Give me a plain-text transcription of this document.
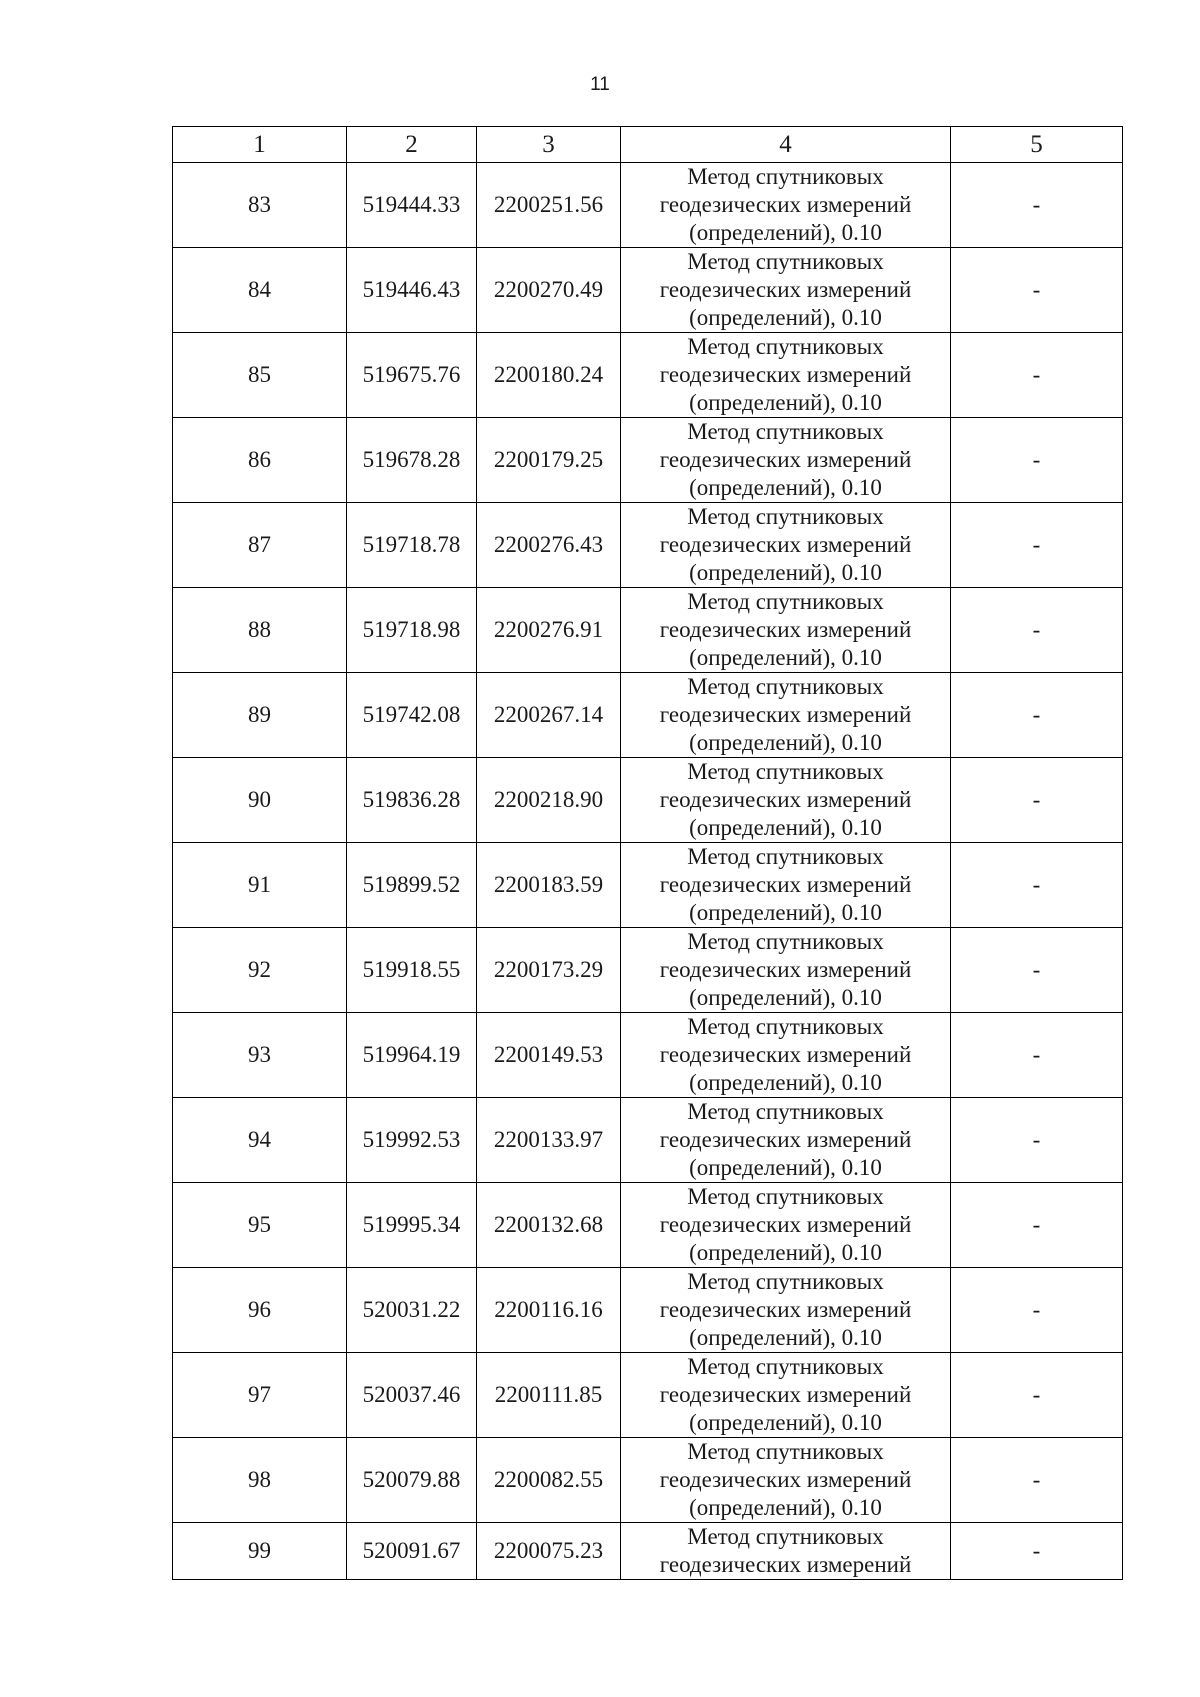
11
1	2	3	4	5
83	519444.33	2200251.56	Метод спутниковых
геодезических измерений
(определений), 0.10	-
84	519446.43	2200270.49	Метод спутниковых
геодезических измерений
(определений), 0.10	-
85	519675.76	2200180.24	Метод спутниковых
геодезических измерений
(определений), 0.10	-
86	519678.28	2200179.25	Метод спутниковых
геодезических измерений
(определений), 0.10	-
87	519718.78	2200276.43	Метод спутниковых
геодезических измерений
(определений), 0.10	-
88	519718.98	2200276.91	Метод спутниковых
геодезических измерений
(определений), 0.10	-
89	519742.08	2200267.14	Метод спутниковых
геодезических измерений
(определений), 0.10	-
90	519836.28	2200218.90	Метод спутниковых
геодезических измерений
(определений), 0.10	-
91	519899.52	2200183.59	Метод спутниковых
геодезических измерений
(определений), 0.10	-
92	519918.55	2200173.29	Метод спутниковых
геодезических измерений
(определений), 0.10	-
93	519964.19	2200149.53	Метод спутниковых
геодезических измерений
(определений), 0.10	-
94	519992.53	2200133.97	Метод спутниковых
геодезических измерений
(определений), 0.10	-
95	519995.34	2200132.68	Метод спутниковых
геодезических измерений
(определений), 0.10	-
96	520031.22	2200116.16	Метод спутниковых
геодезических измерений
(определений), 0.10	-
97	520037.46	2200111.85	Метод спутниковых
геодезических измерений
(определений), 0.10	-
98	520079.88	2200082.55	Метод спутниковых
геодезических измерений
(определений), 0.10	-
99	520091.67	2200075.23	Метод спутниковых
геодезических измерений	-
